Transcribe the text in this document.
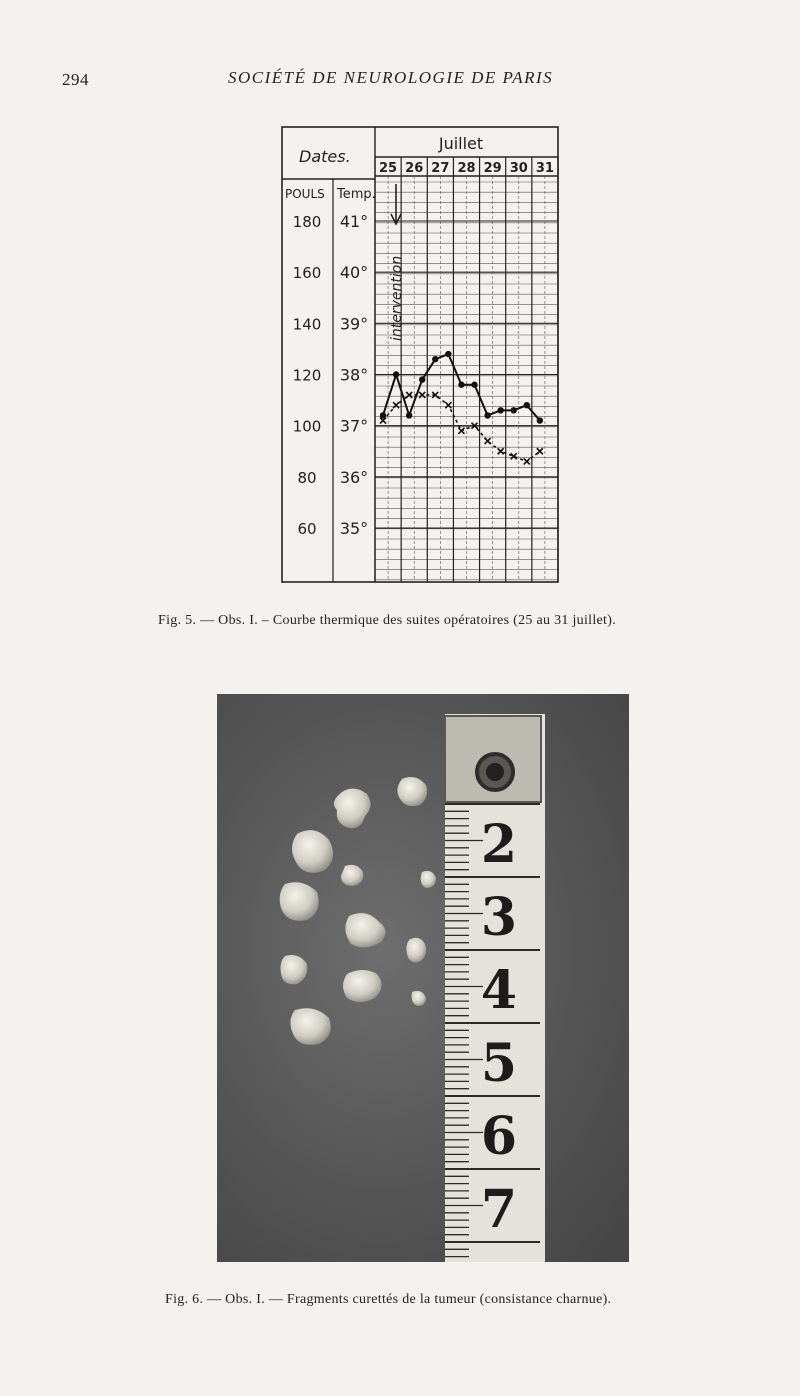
294	SOCIÉTÉ DE NEUROLOGIE DE PARIS
Dates.
Juillet
POULS Temp.
intervention
25 26 27 28 29 30 31
180
160
140
120
100
80
60
41°
40°
39°
38°
37°
36°
35°
Fig. 5. — Obs. I. – Courbe thermique des suites opératoires (25 au 31 juillet).
2
3
4
5
6
7
Fig. 6. — Obs. I. — Fragments curettés de la tumeur (consistance charnue).
